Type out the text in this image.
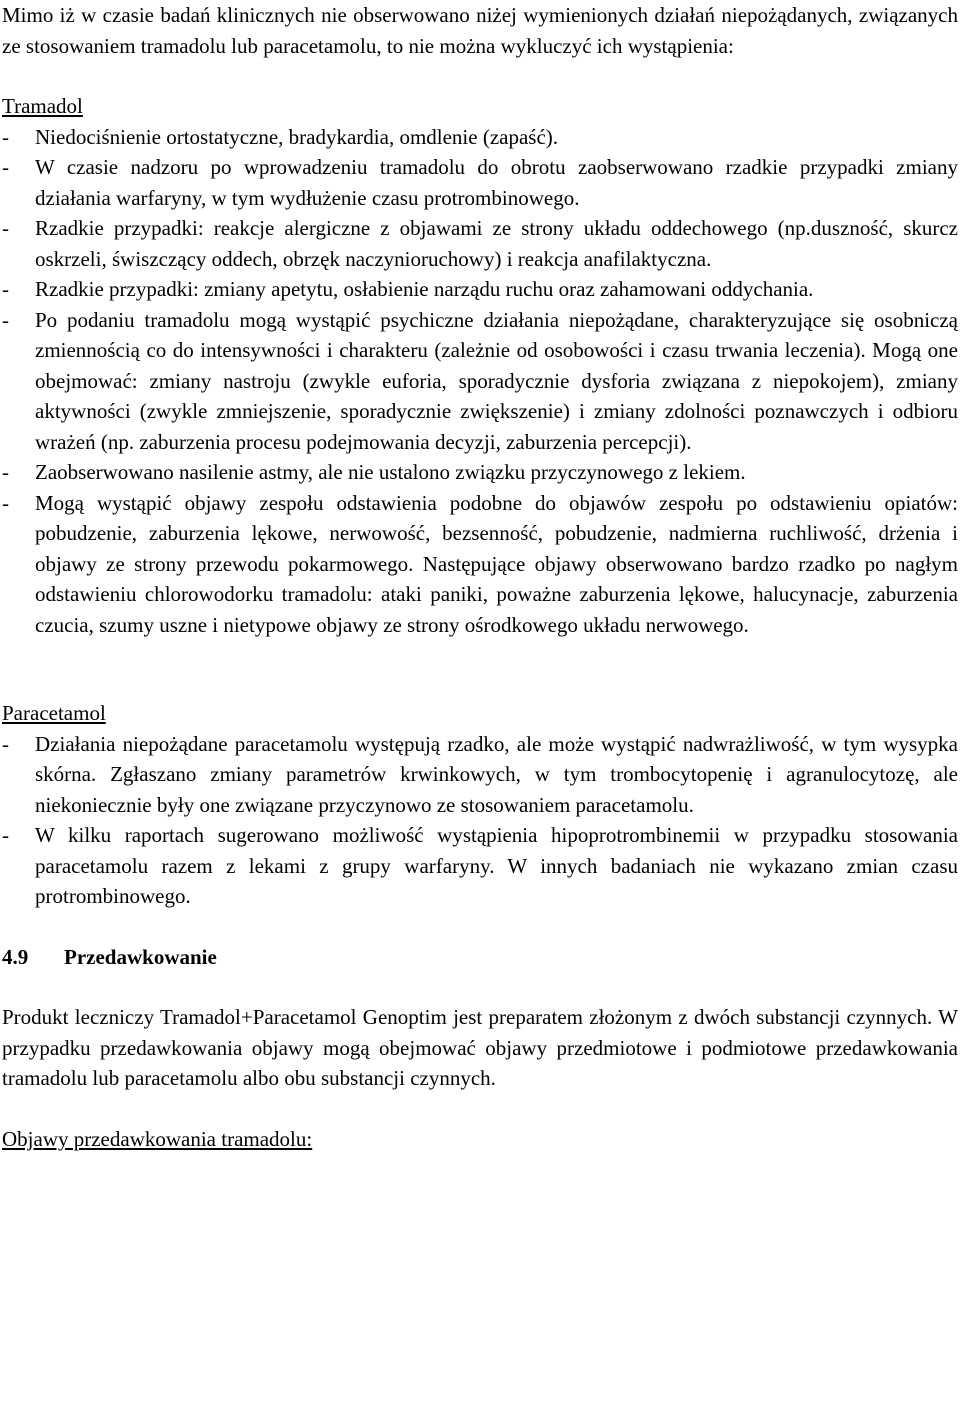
Mimo iż w czasie badań klinicznych nie obserwowano niżej wymienionych działań niepożądanych, związanych ze stosowaniem tramadolu lub paracetamolu, to nie można wykluczyć ich wystąpienia:

Tramadol
- Niedociśnienie ortostatyczne, bradykardia, omdlenie (zapaść).
- W czasie nadzoru po wprowadzeniu tramadolu do obrotu zaobserwowano rzadkie przypadki zmiany działania warfaryny, w tym wydłużenie czasu protrombinowego.
- Rzadkie przypadki: reakcje alergiczne z objawami ze strony układu oddechowego (np.duszność, skurcz oskrzeli, świszczący oddech, obrzęk naczynioruchowy) i reakcja anafilaktyczna.
- Rzadkie przypadki: zmiany apetytu, osłabienie narządu ruchu oraz zahamowani oddychania.
- Po podaniu tramadolu mogą wystąpić psychiczne działania niepożądane, charakteryzujące się osobniczą zmiennością co do intensywności i charakteru (zależnie od osobowości i czasu trwania leczenia). Mogą one obejmować: zmiany nastroju (zwykle euforia, sporadycznie dysforia związana z niepokojem), zmiany aktywności (zwykle zmniejszenie, sporadycznie zwiększenie) i zmiany zdolności poznawczych i odbioru wrażeń (np. zaburzenia procesu podejmowania decyzji, zaburzenia percepcji).
- Zaobserwowano nasilenie astmy, ale nie ustalono związku przyczynowego z lekiem.
- Mogą wystąpić objawy zespołu odstawienia podobne do objawów zespołu po odstawieniu opiatów: pobudzenie, zaburzenia lękowe, nerwowość, bezsenność, pobudzenie, nadmierna ruchliwość, drżenia i objawy ze strony przewodu pokarmowego. Następujące objawy obserwowano bardzo rzadko po nagłym odstawieniu chlorowodorku tramadolu: ataki paniki, poważne zaburzenia lękowe, halucynacje, zaburzenia czucia, szumy uszne i nietypowe objawy ze strony ośrodkowego układu nerwowego.
Paracetamol
- Działania niepożądane paracetamolu występują rzadko, ale może wystąpić nadwrażliwość, w tym wysypka skórna. Zgłaszano zmiany parametrów krwinkowych, w tym trombocytopenię i agranulocytozę, ale niekoniecznie były one związane przyczynowo ze stosowaniem paracetamolu.
- W kilku raportach sugerowano możliwość wystąpienia hipoprotrombinemii w przypadku stosowania paracetamolu razem z lekami z grupy warfaryny. W innych badaniach nie wykazano zmian czasu protrombinowego.
4.9 Przedawkowanie

Produkt leczniczy Tramadol+Paracetamol Genoptim jest preparatem złożonym z dwóch substancji czynnych. W przypadku przedawkowania objawy mogą obejmować objawy przedmiotowe i podmiotowe przedawkowania tramadolu lub paracetamolu albo obu substancji czynnych.

Objawy przedawkowania tramadolu:
